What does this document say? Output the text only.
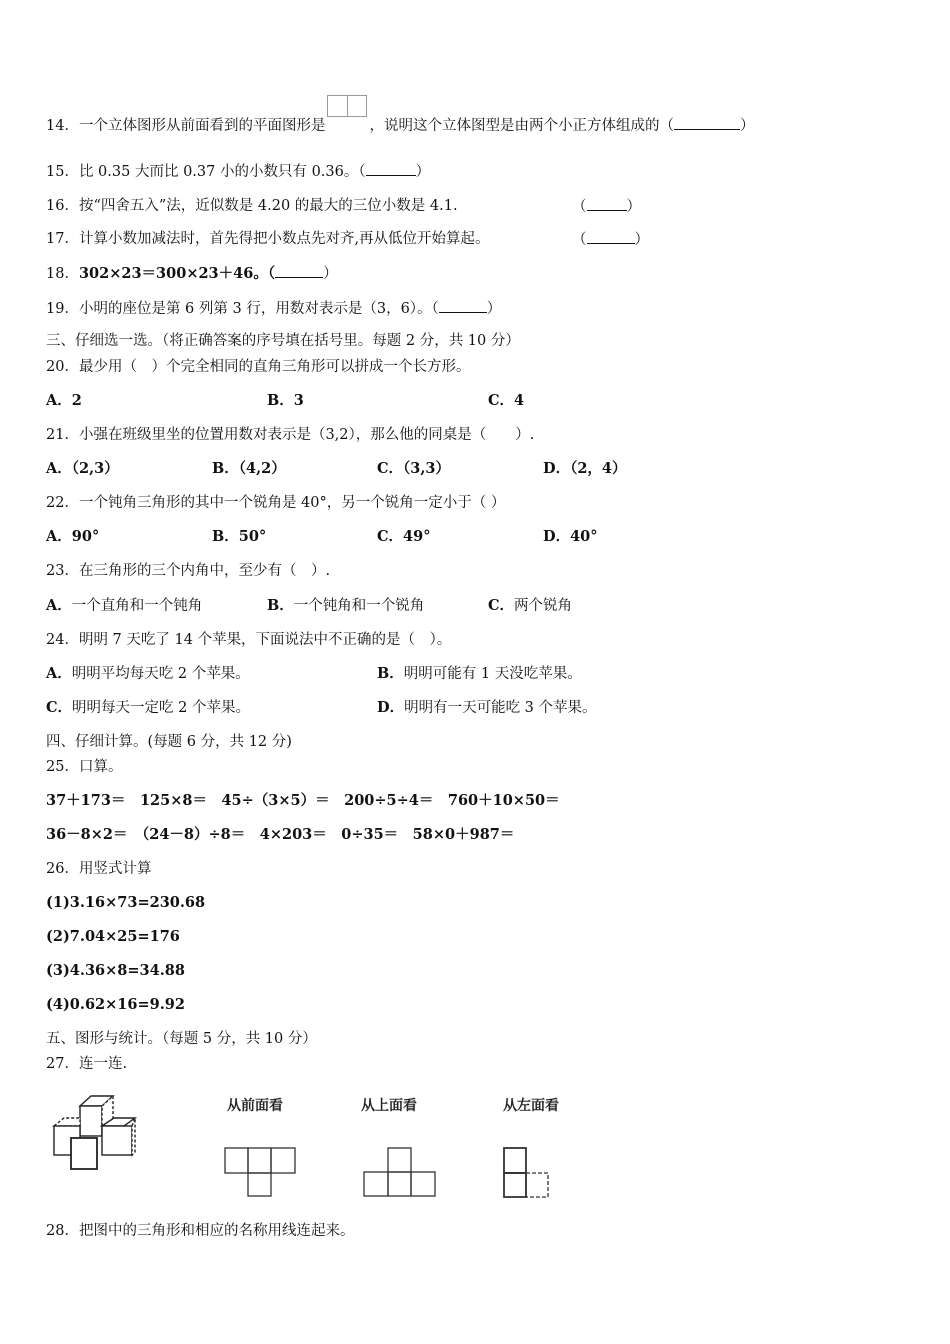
14．一个立体图形从前面看到的平面图形是	，说明这个立体图型是由两个小正方体组成的（	）
15．比 0.35 大而比 0.37 小的小数只有 0.36。（	）
16．按“四舍五入”法，近似数是 4.20 的最大的三位小数是 4.1.	（	）
17．计算小数加减法时，首先得把小数点先对齐,再从低位开始算起。	（	）
18．302×23＝300×23＋46。（	）
19．小明的座位是第 6 列第 3 行，用数对表示是（3，6）。（	）
三、仔细选一选。（将正确答案的序号填在括号里。每题 2 分，共 10 分）
20．最少用（　）个完全相同的直角三角形可以拼成一个长方形。
A．2	B．3	C．4
21．小强在班级里坐的位置用数对表示是（3,2），那么他的同桌是（　　）.
A．（2,3）	B．（4,2）	C．（3,3）	D．（2，4）
22．一个钝角三角形的其中一个锐角是 40°，另一个锐角一定小于（ ）
A．90°	B．50°	C．49°	D．40°
23．在三角形的三个内角中，至少有（　）.
A．一个直角和一个钝角	B．一个钝角和一个锐角	C．两个锐角
24．明明 7 天吃了 14 个苹果，下面说法中不正确的是（　）。
A．明明平均每天吃 2 个苹果。	B．明明可能有 1 天没吃苹果。
C．明明每天一定吃 2 个苹果。	D．明明有一天可能吃 3 个苹果。
四、仔细计算。(每题 6 分，共 12 分)
25．口算。
37＋173＝　125×8＝　45÷（3×5）＝　200÷5÷4＝　760＋10×50＝
36－8×2＝　（24－8）÷8＝　4×203＝　0÷35＝　58×0＋987＝
26．用竖式计算
(1)3.16×73=230.68
(2)7.04×25=176
(3)4.36×8=34.88
(4)0.62×16=9.92
五、图形与统计。（每题 5 分，共 10 分）
27．连一连.
从前面看	从上面看	从左面看
28．把图中的三角形和相应的名称用线连起来。
